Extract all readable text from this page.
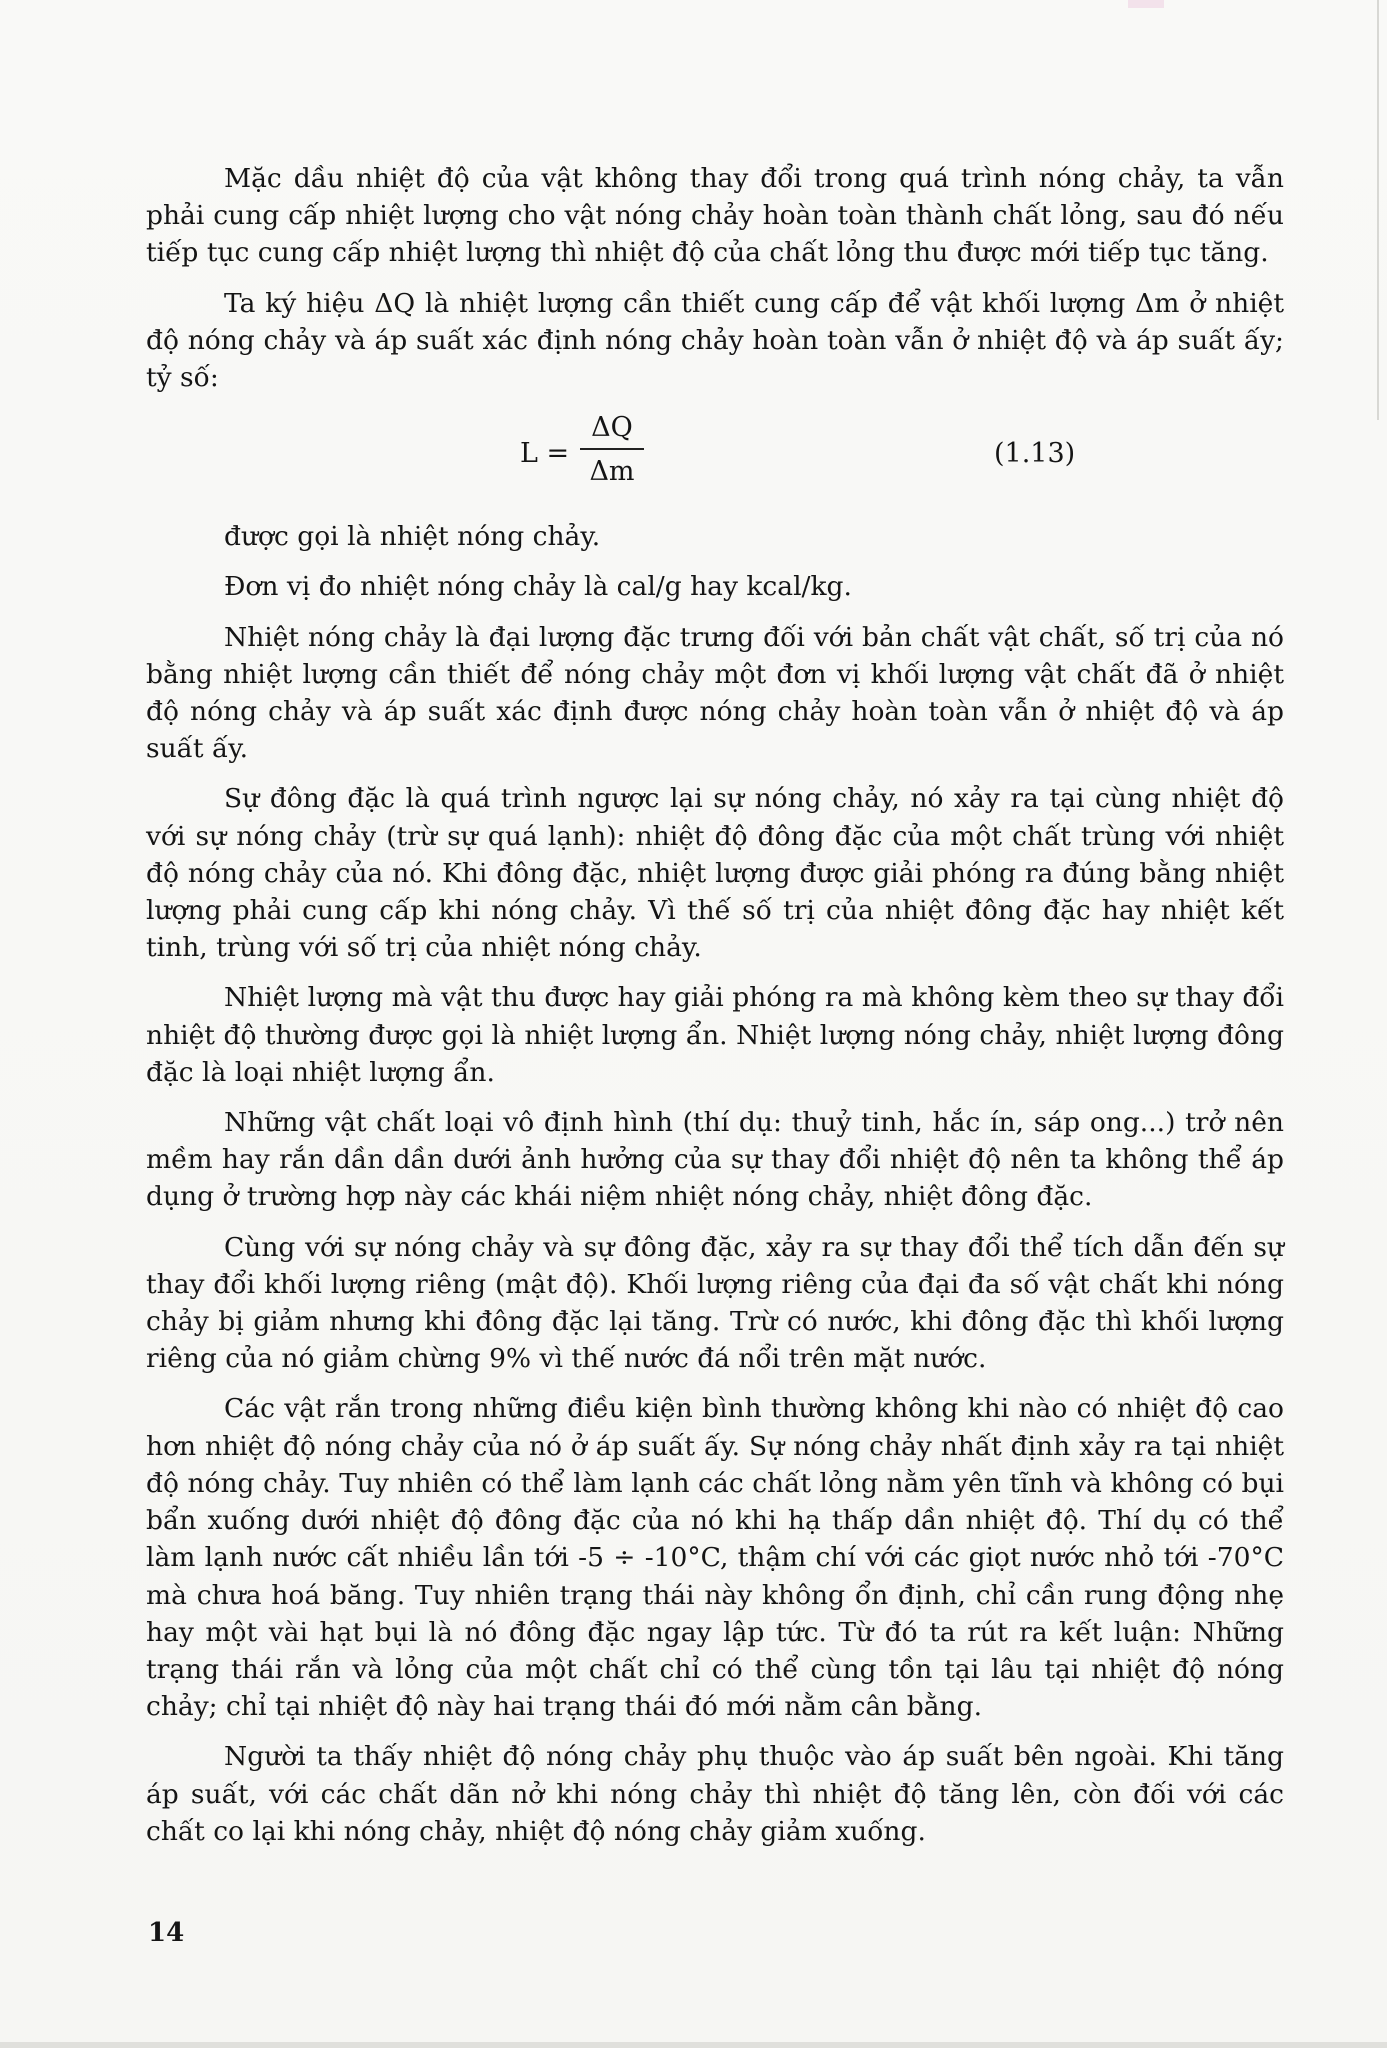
Mặc dầu nhiệt độ của vật không thay đổi trong quá trình nóng chảy, ta vẫn phải cung cấp nhiệt lượng cho vật nóng chảy hoàn toàn thành chất lỏng, sau đó nếu tiếp tục cung cấp nhiệt lượng thì nhiệt độ của chất lỏng thu được mới tiếp tục tăng.

Ta ký hiệu ΔQ là nhiệt lượng cần thiết cung cấp để vật khối lượng Δm ở nhiệt độ nóng chảy và áp suất xác định nóng chảy hoàn toàn vẫn ở nhiệt độ và áp suất ấy; tỷ số:

L =
ΔQ
Δm
(1.13)

được gọi là nhiệt nóng chảy.

Đơn vị đo nhiệt nóng chảy là cal/g hay kcal/kg.

Nhiệt nóng chảy là đại lượng đặc trưng đối với bản chất vật chất, số trị của nó bằng nhiệt lượng cần thiết để nóng chảy một đơn vị khối lượng vật chất đã ở nhiệt độ nóng chảy và áp suất xác định được nóng chảy hoàn toàn vẫn ở nhiệt độ và áp suất ấy.

Sự đông đặc là quá trình ngược lại sự nóng chảy, nó xảy ra tại cùng nhiệt độ với sự nóng chảy (trừ sự quá lạnh): nhiệt độ đông đặc của một chất trùng với nhiệt độ nóng chảy của nó. Khi đông đặc, nhiệt lượng được giải phóng ra đúng bằng nhiệt lượng phải cung cấp khi nóng chảy. Vì thế số trị của nhiệt đông đặc hay nhiệt kết tinh, trùng với số trị của nhiệt nóng chảy.

Nhiệt lượng mà vật thu được hay giải phóng ra mà không kèm theo sự thay đổi nhiệt độ thường được gọi là nhiệt lượng ẩn. Nhiệt lượng nóng chảy, nhiệt lượng đông đặc là loại nhiệt lượng ẩn.

Những vật chất loại vô định hình (thí dụ: thuỷ tinh, hắc ín, sáp ong...) trở nên mềm hay rắn dần dần dưới ảnh hưởng của sự thay đổi nhiệt độ nên ta không thể áp dụng ở trường hợp này các khái niệm nhiệt nóng chảy, nhiệt đông đặc.

Cùng với sự nóng chảy và sự đông đặc, xảy ra sự thay đổi thể tích dẫn đến sự thay đổi khối lượng riêng (mật độ). Khối lượng riêng của đại đa số vật chất khi nóng chảy bị giảm nhưng khi đông đặc lại tăng. Trừ có nước, khi đông đặc thì khối lượng riêng của nó giảm chừng 9% vì thế nước đá nổi trên mặt nước.

Các vật rắn trong những điều kiện bình thường không khi nào có nhiệt độ cao hơn nhiệt độ nóng chảy của nó ở áp suất ấy. Sự nóng chảy nhất định xảy ra tại nhiệt độ nóng chảy. Tuy nhiên có thể làm lạnh các chất lỏng nằm yên tĩnh và không có bụi bẩn xuống dưới nhiệt độ đông đặc của nó khi hạ thấp dần nhiệt độ. Thí dụ có thể làm lạnh nước cất nhiều lần tới -5 ÷ -10°C, thậm chí với các giọt nước nhỏ tới -70°C mà chưa hoá băng. Tuy nhiên trạng thái này không ổn định, chỉ cần rung động nhẹ hay một vài hạt bụi là nó đông đặc ngay lập tức. Từ đó ta rút ra kết luận: Những trạng thái rắn và lỏng của một chất chỉ có thể cùng tồn tại lâu tại nhiệt độ nóng chảy; chỉ tại nhiệt độ này hai trạng thái đó mới nằm cân bằng.

Người ta thấy nhiệt độ nóng chảy phụ thuộc vào áp suất bên ngoài. Khi tăng áp suất, với các chất dãn nở khi nóng chảy thì nhiệt độ tăng lên, còn đối với các chất co lại khi nóng chảy, nhiệt độ nóng chảy giảm xuống.

14
